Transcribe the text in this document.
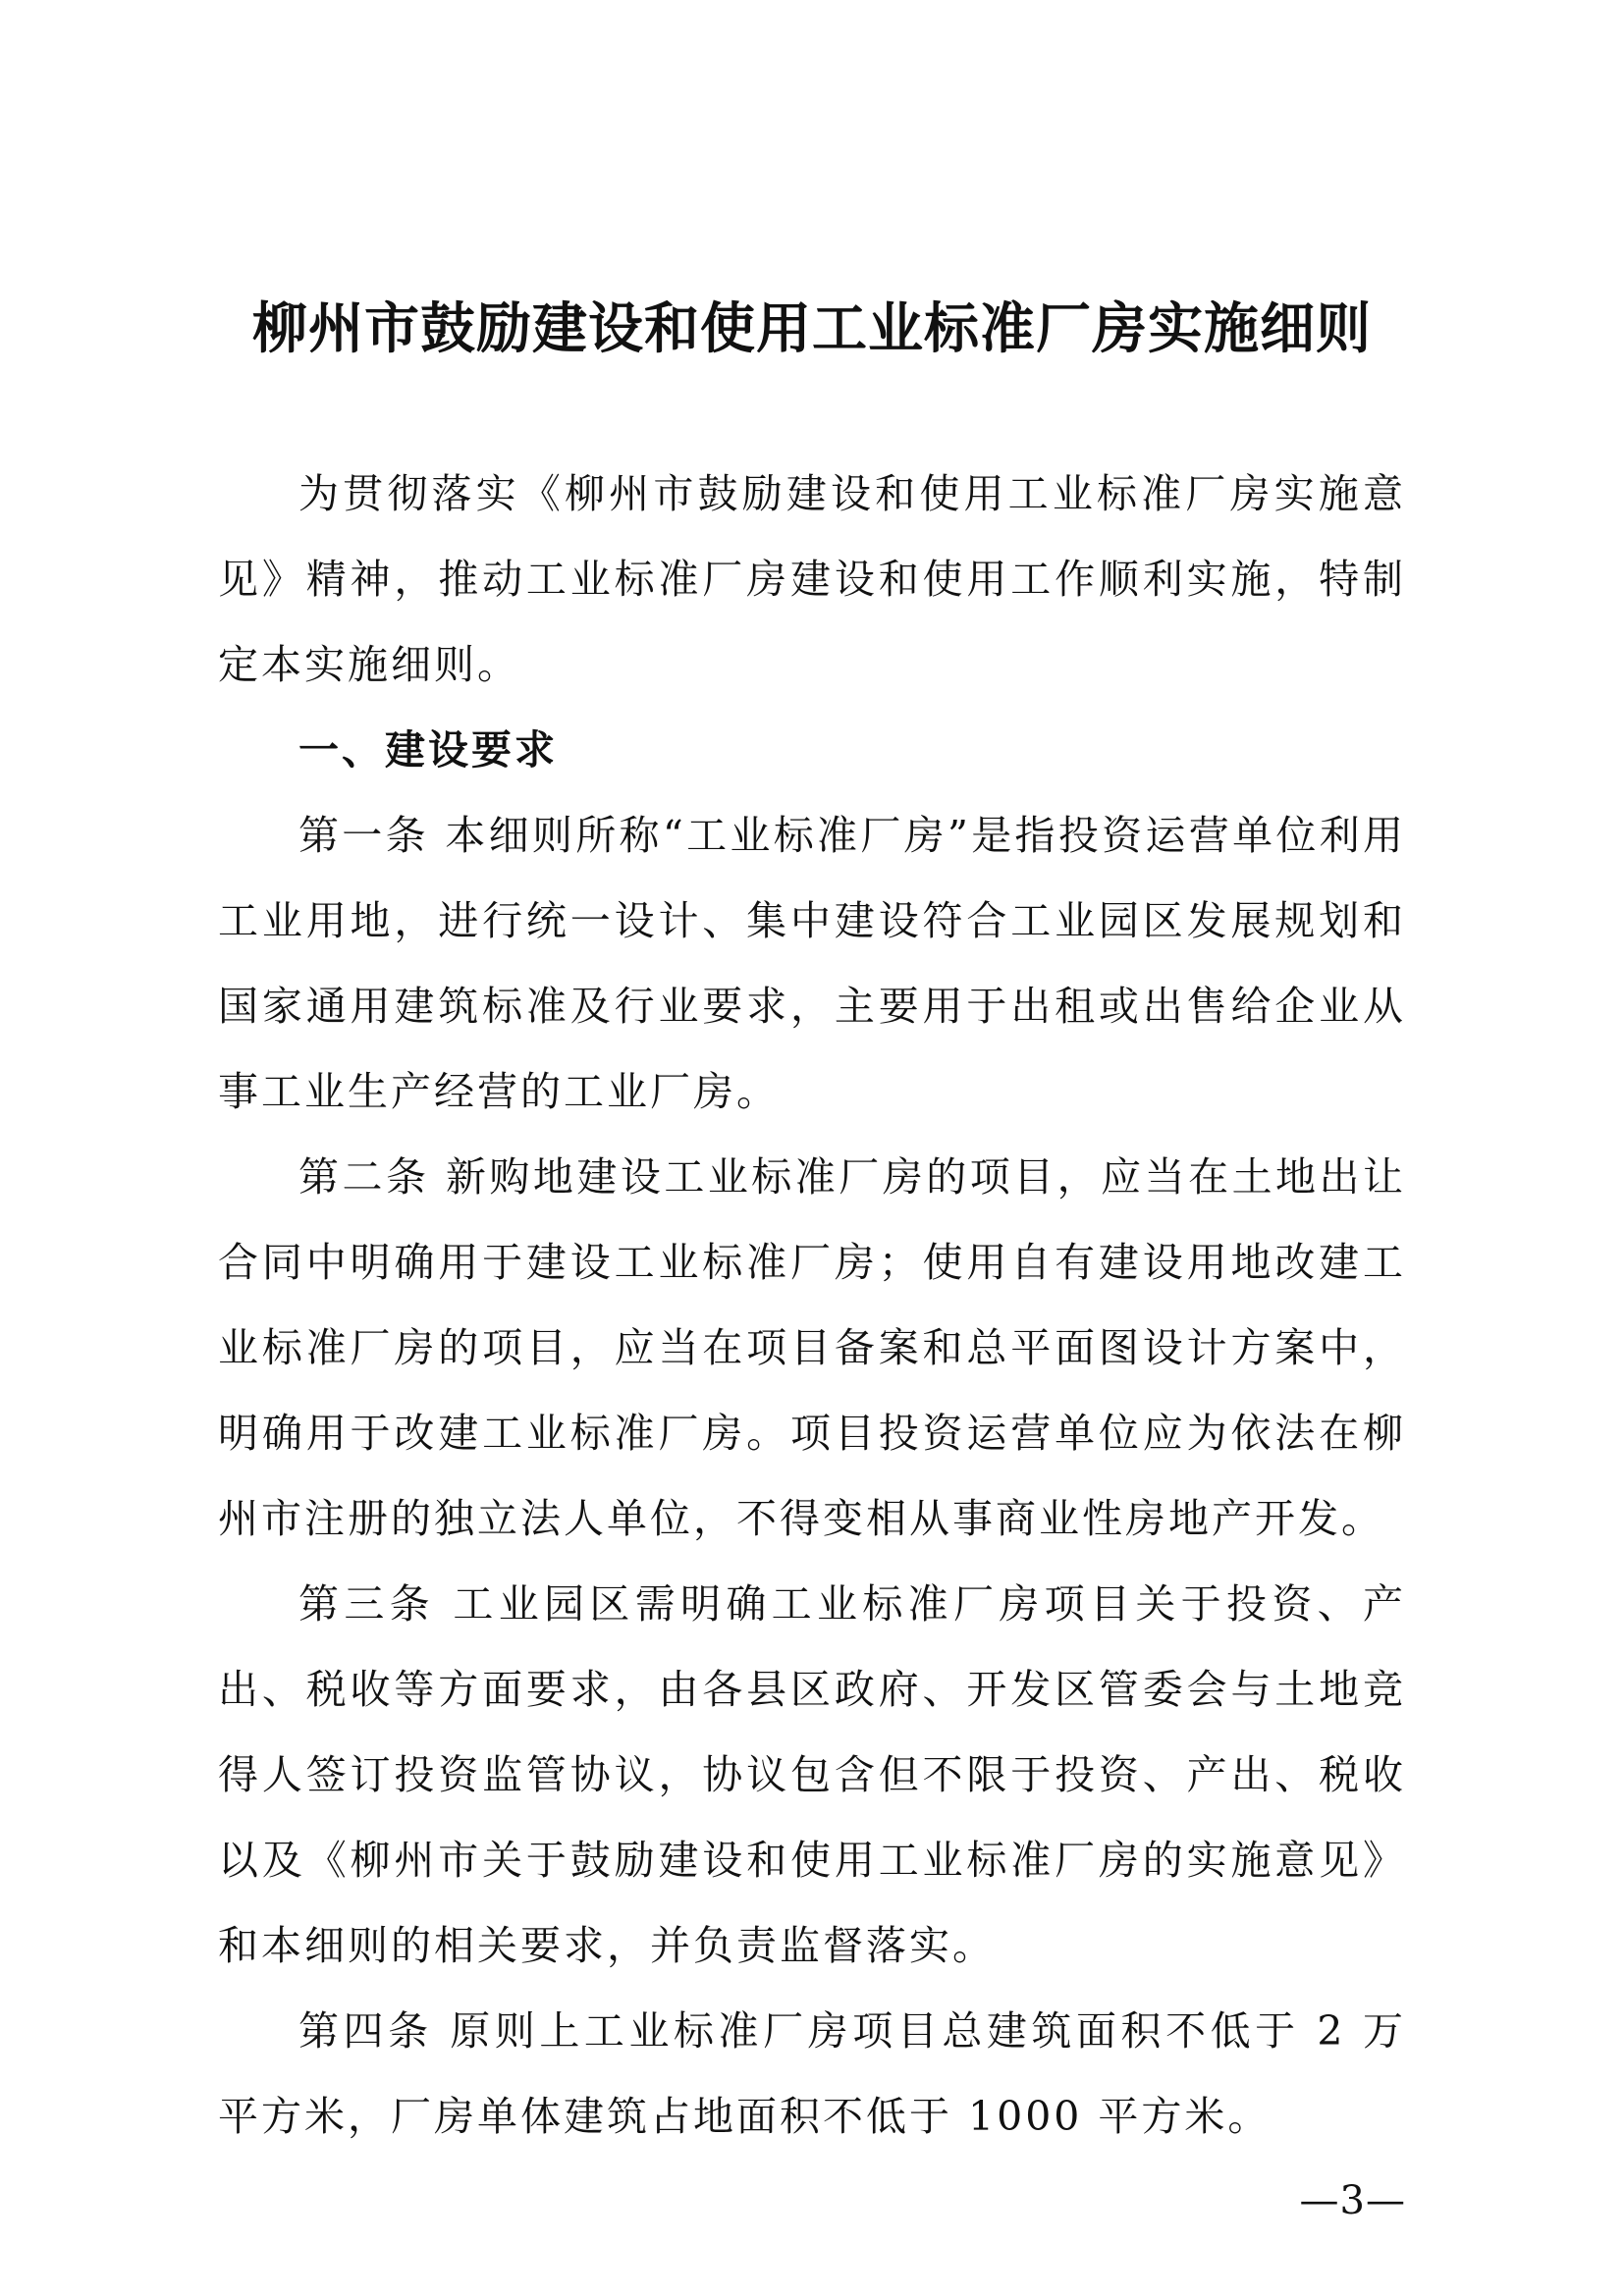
柳州市鼓励建设和使用工业标准厂房实施细则

为贯彻落实《柳州市鼓励建设和使用工业标准厂房实施意见》精神，推动工业标准厂房建设和使用工作顺利实施，特制定本实施细则。

一、建设要求

第一条 本细则所称“工业标准厂房”是指投资运营单位利用工业用地，进行统一设计、集中建设符合工业园区发展规划和国家通用建筑标准及行业要求，主要用于出租或出售给企业从事工业生产经营的工业厂房。

第二条 新购地建设工业标准厂房的项目，应当在土地出让合同中明确用于建设工业标准厂房；使用自有建设用地改建工业标准厂房的项目，应当在项目备案和总平面图设计方案中，明确用于改建工业标准厂房。项目投资运营单位应为依法在柳州市注册的独立法人单位，不得变相从事商业性房地产开发。

第三条 工业园区需明确工业标准厂房项目关于投资、产出、税收等方面要求，由各县区政府、开发区管委会与土地竞得人签订投资监管协议，协议包含但不限于投资、产出、税收以及《柳州市关于鼓励建设和使用工业标准厂房的实施意见》和本细则的相关要求，并负责监督落实。

第四条 原则上工业标准厂房项目总建筑面积不低于 2 万平方米，厂房单体建筑占地面积不低于 1000 平方米。

—3—
